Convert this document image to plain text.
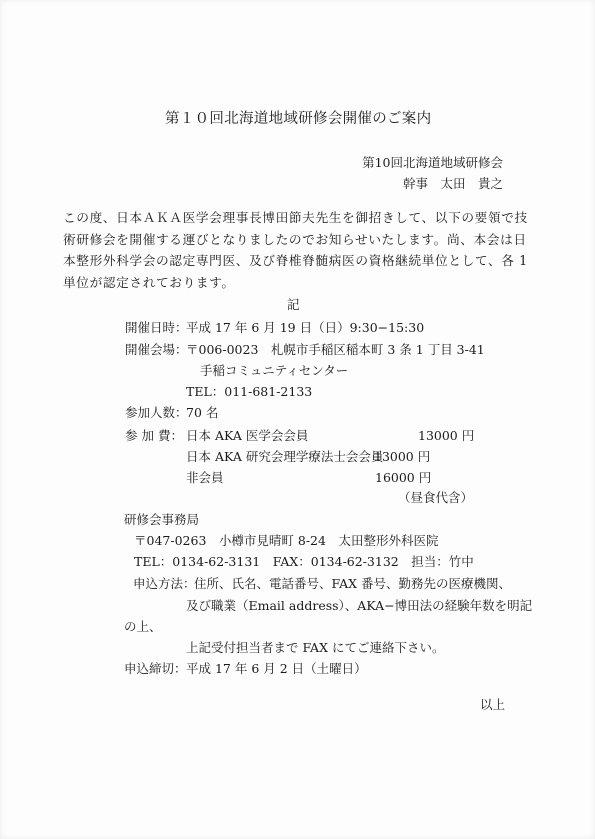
第１０回北海道地域研修会開催のご案内
第10回北海道地域研修会
幹事　太田　貴之
この度、日本ＡＫＡ医学会理事長博田節夫先生を御招きして、以下の要領で技
術研修会を開催する運びとなりましたのでお知らせいたします。尚、本会は日
本整形外科学会の認定専門医、及び脊椎脊髄病医の資格継続単位として、各 1
単位が認定されております。
記
開催日時：
平成 17 年 6 月 19 日（日）9:30−15:30
開催会場：
〒006-0023　札幌市手稲区稲本町 3 条 1 丁目 3-41
手稲コミュニティセンター
TEL：011-681-2133
参加人数：
70 名
参 加 費： 日本 AKA 医学会会員	13000 円
日本 AKA 研究会理学療法士会会員
13000 円
非会員	16000 円
（昼食代含）
研修会事務局
〒047-0263　小樽市見晴町 8-24　太田整形外科医院
TEL：0134-62-3131　FAX：0134-62-3132　担当：竹中
申込方法：
住所、氏名、電話番号、FAX 番号、勤務先の医療機関、
及び職業（Email address）、AKA−博田法の経験年数を明記
の上、
上記受付担当者まで FAX にてご連絡下さい。
申込締切： 平成 17 年 6 月 2 日（土曜日）
以上
